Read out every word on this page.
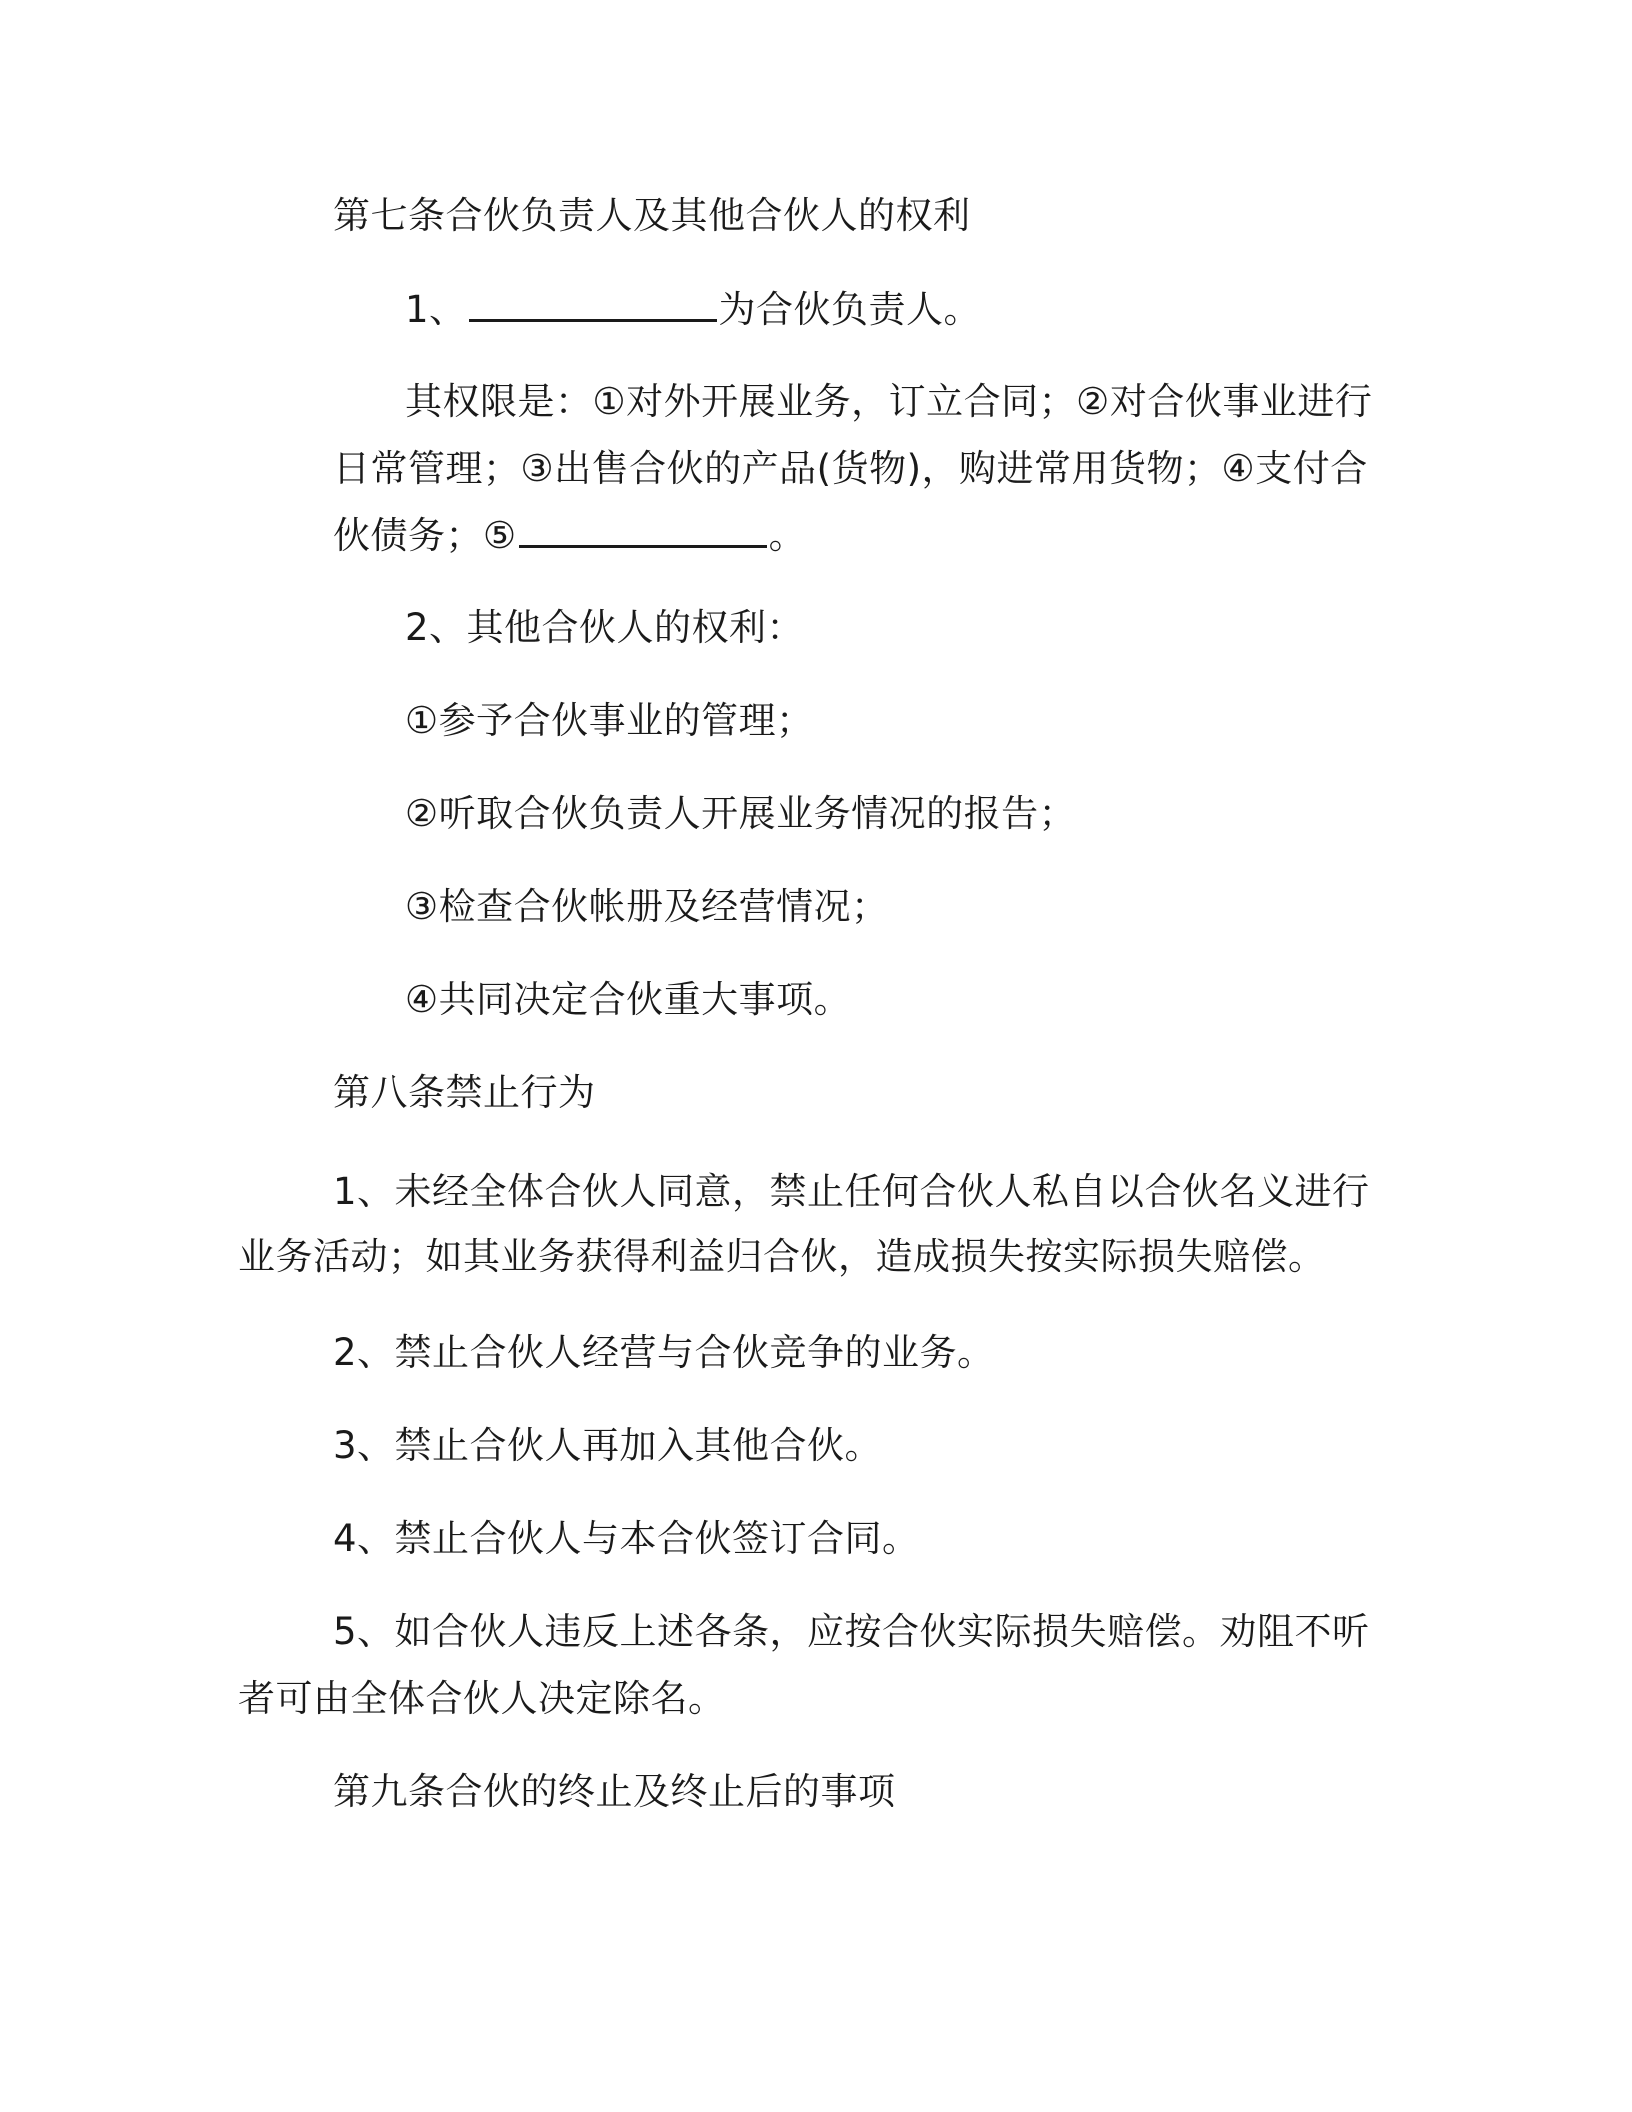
第七条合伙负责人及其他合伙人的权利
1、	为合伙负责人。
其权限是：①对外开展业务，订立合同；②对合伙事业进行
日常管理；③出售合伙的产品(货物)，购进常用货物；④支付合
伙债务；⑤	。
2、其他合伙人的权利：
①参予合伙事业的管理；
②听取合伙负责人开展业务情况的报告；
③检查合伙帐册及经营情况；
④共同决定合伙重大事项。
第八条禁止行为
1、未经全体合伙人同意，禁止任何合伙人私自以合伙名义进行
业务活动；如其业务获得利益归合伙，造成损失按实际损失赔偿。
2、禁止合伙人经营与合伙竞争的业务。
3、禁止合伙人再加入其他合伙。
4、禁止合伙人与本合伙签订合同。
5、如合伙人违反上述各条，应按合伙实际损失赔偿。劝阻不听
者可由全体合伙人决定除名。
第九条合伙的终止及终止后的事项
